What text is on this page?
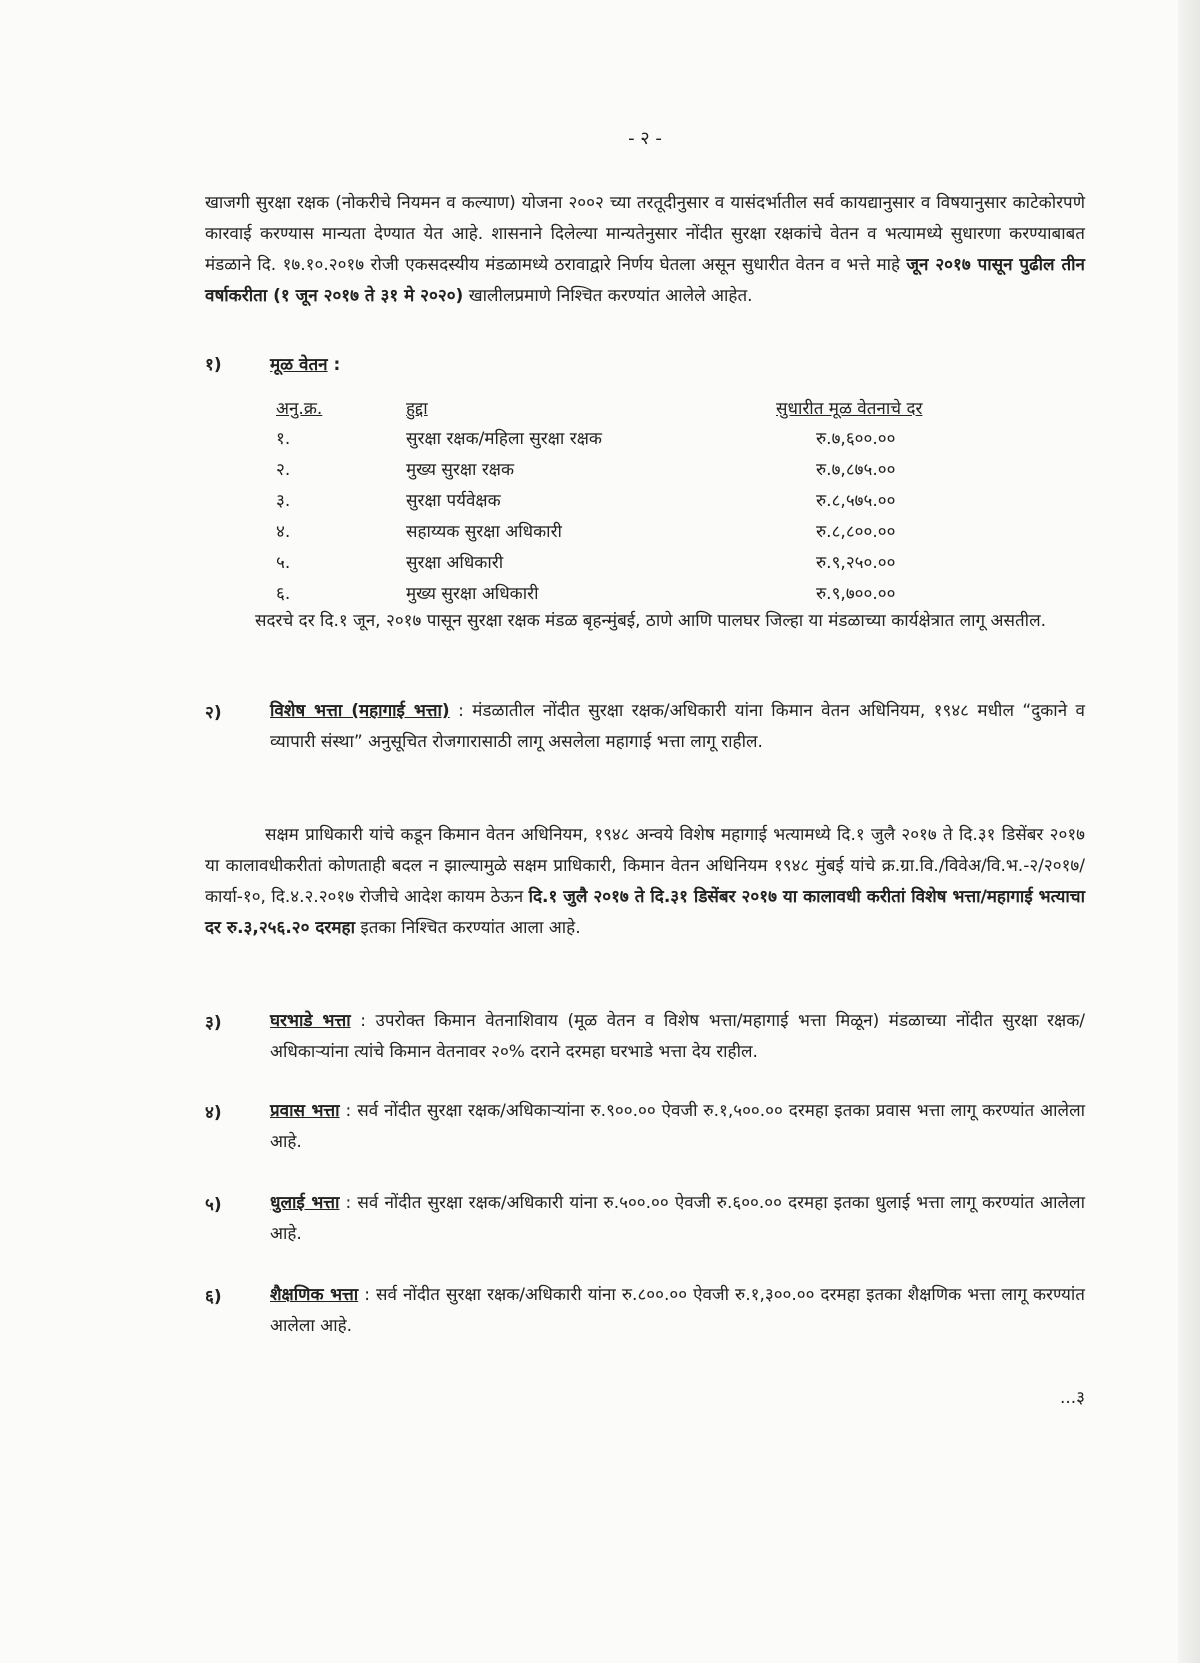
- २ -

खाजगी सुरक्षा रक्षक (नोकरीचे नियमन व कल्याण) योजना २००२ च्या तरतूदीनुसार व यासंदर्भातील सर्व कायद्यानुसार व विषयानुसार काटेकोरपणे कारवाई करण्यास मान्यता देण्यात येत आहे. शासनाने दिलेल्या मान्यतेनुसार नोंदीत सुरक्षा रक्षकांचे वेतन व भत्यामध्ये सुधारणा करण्याबाबत मंडळाने दि. १७.१०.२०१७ रोजी एकसदस्यीय मंडळामध्ये ठरावाद्वारे निर्णय घेतला असून सुधारीत वेतन व भत्ते माहे जून २०१७ पासून पुढील तीन वर्षाकरीता (१ जून २०१७ ते ३१ मे २०२०) खालीलप्रमाणे निश्चित करण्यांत आलेले आहेत.

१)	मूळ वेतन :
अनु.क्र.	हुद्दा	सुधारीत मूळ वेतनाचे दर
१.	सुरक्षा रक्षक/महिला सुरक्षा रक्षक	रु.७,६००.००
२.	मुख्य सुरक्षा रक्षक	रु.७,८७५.००
३.	सुरक्षा पर्यवेक्षक	रु.८,५७५.००
४.	सहाय्यक सुरक्षा अधिकारी	रु.८,८००.००
५.	सुरक्षा अधिकारी	रु.९,२५०.००
६.	मुख्य सुरक्षा अधिकारी	रु.९,७००.००

सदरचे दर दि.१ जून, २०१७ पासून सुरक्षा रक्षक मंडळ बृहन्मुंबई, ठाणे आणि पालघर जिल्हा या मंडळाच्या कार्यक्षेत्रात लागू असतील.

२)	विशेष भत्ता (महागाई भत्ता) : मंडळातील नोंदीत सुरक्षा रक्षक/अधिकारी यांना किमान वेतन अधिनियम, १९४८ मधील “दुकाने व व्यापारी संस्था” अनुसूचित रोजगारासाठी लागू असलेला महागाई भत्ता लागू राहील.

सक्षम प्राधिकारी यांचे कडून किमान वेतन अधिनियम, १९४८ अन्वये विशेष महागाई भत्यामध्ये दि.१ जुलै २०१७ ते दि.३१ डिसेंबर २०१७ या कालावधीकरीतां कोणताही बदल न झाल्यामुळे सक्षम प्राधिकारी, किमान वेतन अधिनियम १९४८ मुंबई यांचे क्र.ग्रा.वि./विवेअ/वि.भ.-२/२०१७/कार्या-१०, दि.४.२.२०१७ रोजीचे आदेश कायम ठेऊन दि.१ जुलै २०१७ ते दि.३१ डिसेंबर २०१७ या कालावधी करीतां विशेष भत्ता/महागाई भत्याचा दर रु.३,२५६.२० दरमहा इतका निश्चित करण्यांत आला आहे.

३)	घरभाडे भत्ता : उपरोक्त किमान वेतनाशिवाय (मूळ वेतन व विशेष भत्ता/महागाई भत्ता मिळून) मंडळाच्या नोंदीत सुरक्षा रक्षक/अधिकाऱ्यांना त्यांचे किमान वेतनावर २०% दराने दरमहा घरभाडे भत्ता देय राहील.

४)	प्रवास भत्ता : सर्व नोंदीत सुरक्षा रक्षक/अधिकाऱ्यांना रु.९००.०० ऐवजी रु.१,५००.०० दरमहा इतका प्रवास भत्ता लागू करण्यांत आलेला आहे.

५)	धुलाई भत्ता : सर्व नोंदीत सुरक्षा रक्षक/अधिकारी यांना रु.५००.०० ऐवजी रु.६००.०० दरमहा इतका धुलाई भत्ता लागू करण्यांत आलेला आहे.

६)	शैक्षणिक भत्ता : सर्व नोंदीत सुरक्षा रक्षक/अधिकारी यांना रु.८००.०० ऐवजी रु.१,३००.०० दरमहा इतका शैक्षणिक भत्ता लागू करण्यांत आलेला आहे.

...३
